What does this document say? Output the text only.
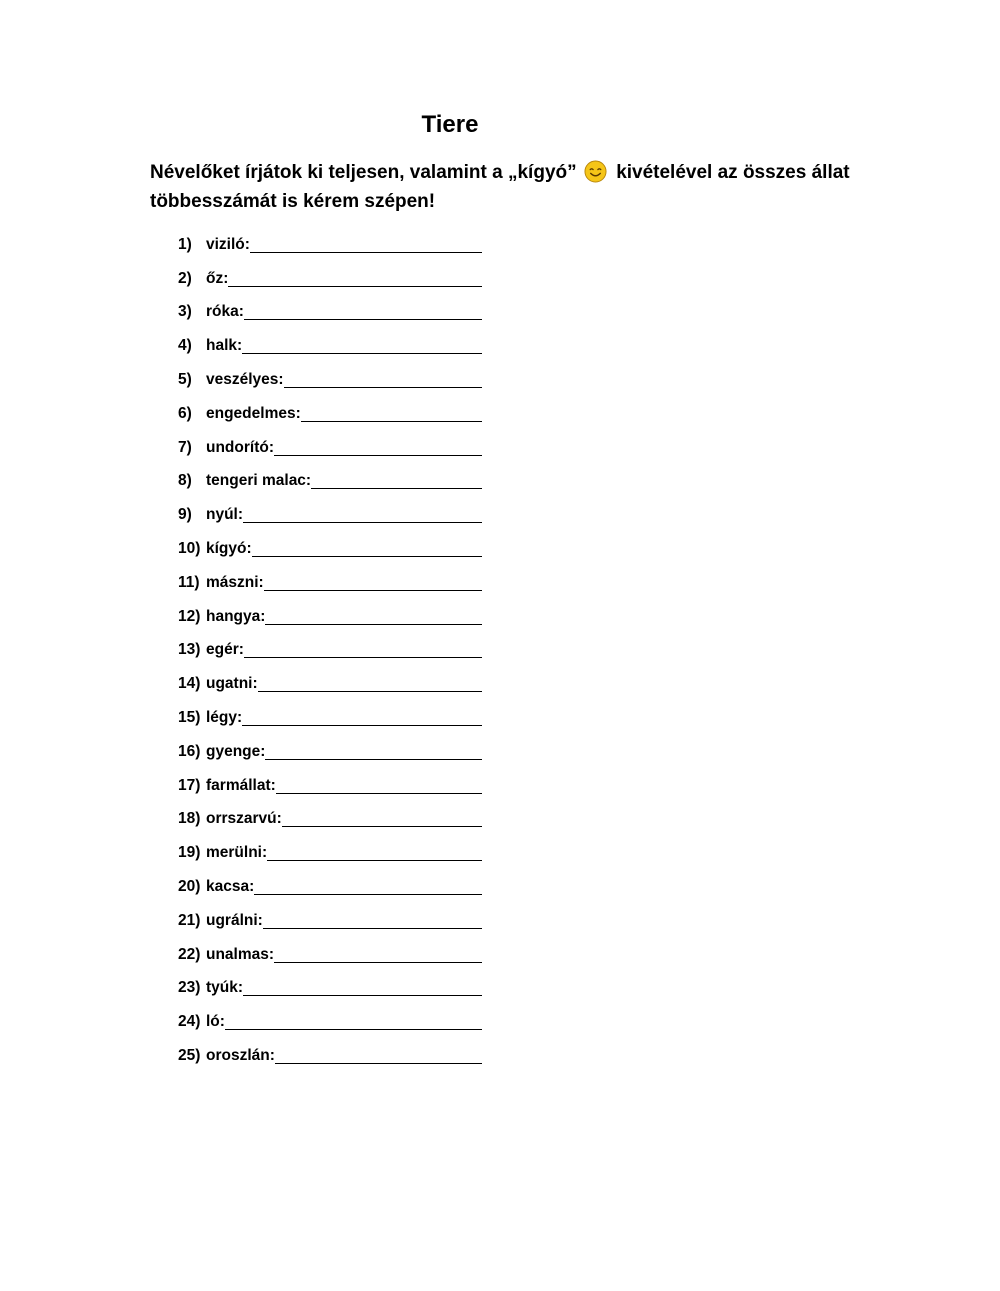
Tiere
Névelőket írjátok ki teljesen, valamint a „kígyó” kivételével az összes állat többesszámát is kérem szépen!
1) viziló:
2) őz:
3) róka:
4) halk:
5) veszélyes:
6) engedelmes:
7) undorító:
8) tengeri malac:
9) nyúl:
10) kígyó:
11) mászni:
12) hangya:
13) egér:
14) ugatni:
15) légy:
16) gyenge:
17) farmállat:
18) orrszarvú:
19) merülni:
20) kacsa:
21) ugrálni:
22) unalmas:
23) tyúk:
24) ló:
25) oroszlán:
